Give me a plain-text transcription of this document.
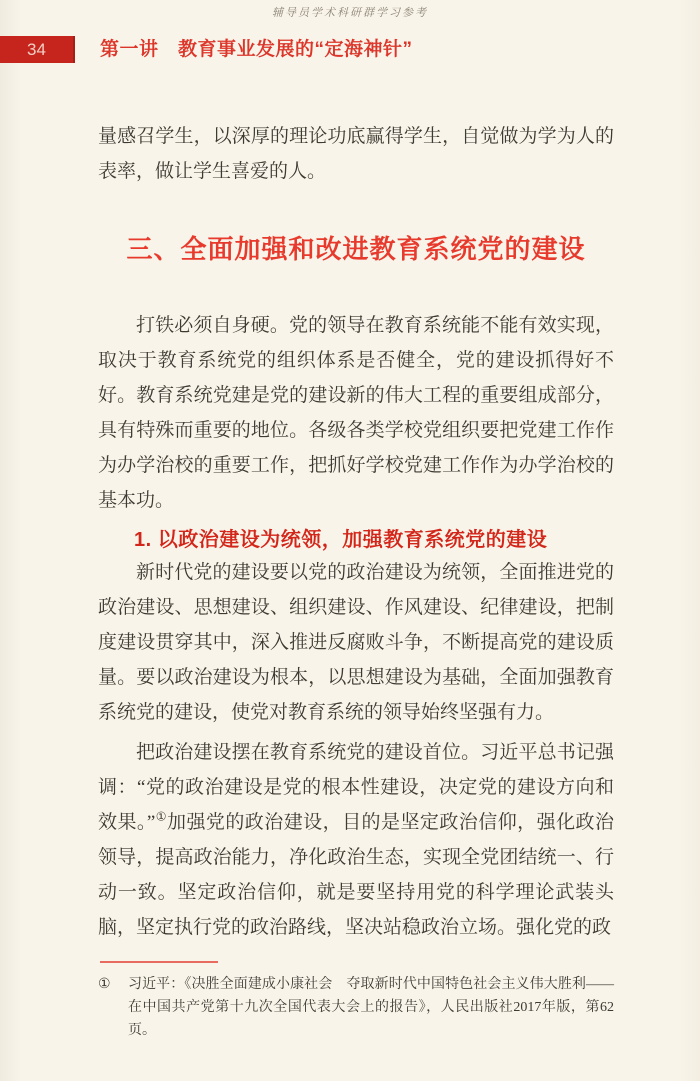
辅导员学术科研群学习参考
34	第一讲　教育事业发展的“定海神针”

量感召学生，以深厚的理论功底赢得学生，自觉做为学为人的表率，做让学生喜爱的人。

三、全面加强和改进教育系统党的建设

打铁必须自身硬。党的领导在教育系统能不能有效实现，取决于教育系统党的组织体系是否健全，党的建设抓得好不好。教育系统党建是党的建设新的伟大工程的重要组成部分，具有特殊而重要的地位。各级各类学校党组织要把党建工作作为办学治校的重要工作，把抓好学校党建工作作为办学治校的基本功。

1. 以政治建设为统领，加强教育系统党的建设

新时代党的建设要以党的政治建设为统领，全面推进党的政治建设、思想建设、组织建设、作风建设、纪律建设，把制度建设贯穿其中，深入推进反腐败斗争，不断提高党的建设质量。要以政治建设为根本，以思想建设为基础，全面加强教育系统党的建设，使党对教育系统的领导始终坚强有力。

把政治建设摆在教育系统党的建设首位。习近平总书记强调：“党的政治建设是党的根本性建设，决定党的建设方向和效果。”①加强党的政治建设，目的是坚定政治信仰，强化政治领导，提高政治能力，净化政治生态，实现全党团结统一、行动一致。坚定政治信仰，就是要坚持用党的科学理论武装头脑，坚定执行党的政治路线，坚决站稳政治立场。强化党的政

①	习近平：《决胜全面建成小康社会　夺取新时代中国特色社会主义伟大胜利——在中国共产党第十九次全国代表大会上的报告》，人民出版社2017年版，第62页。
